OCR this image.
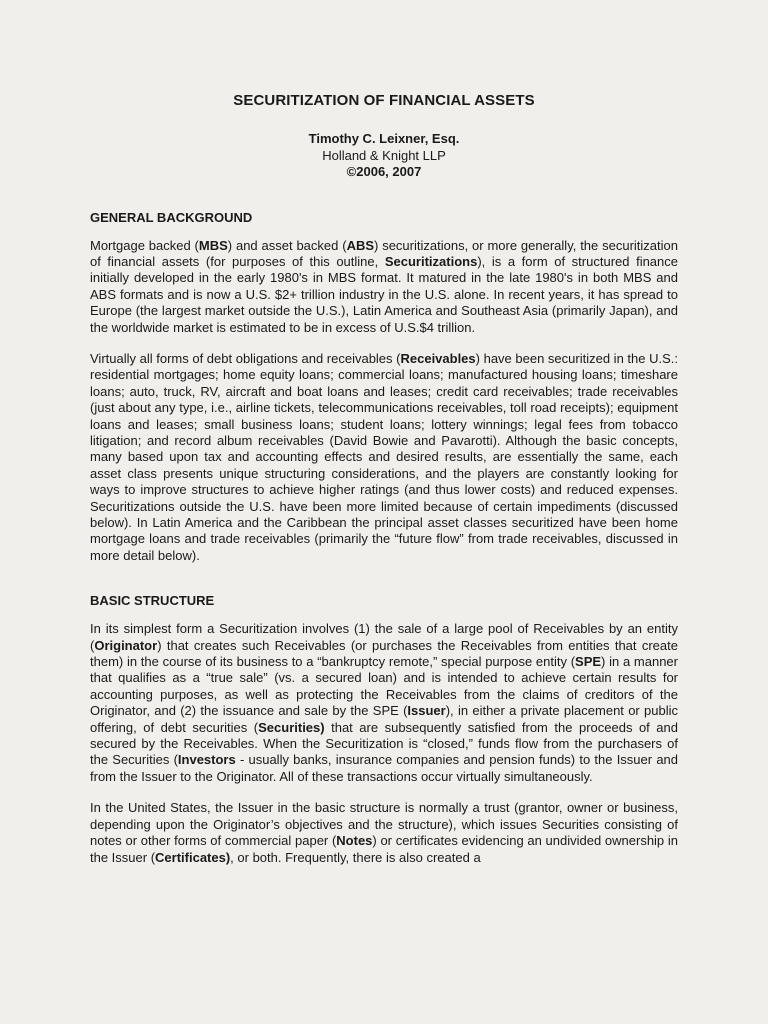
SECURITIZATION OF FINANCIAL ASSETS
Timothy C. Leixner, Esq.
Holland & Knight LLP
©2006, 2007
GENERAL BACKGROUND

Mortgage backed (MBS) and asset backed (ABS) securitizations, or more generally, the securitization of financial assets (for purposes of this outline, Securitizations), is a form of structured finance initially developed in the early 1980's in MBS format. It matured in the late 1980's in both MBS and ABS formats and is now a U.S. $2+ trillion industry in the U.S. alone. In recent years, it has spread to Europe (the largest market outside the U.S.), Latin America and Southeast Asia (primarily Japan), and the worldwide market is estimated to be in excess of U.S.$4 trillion.

Virtually all forms of debt obligations and receivables (Receivables) have been securitized in the U.S.: residential mortgages; home equity loans; commercial loans; manufactured housing loans; timeshare loans; auto, truck, RV, aircraft and boat loans and leases; credit card receivables; trade receivables (just about any type, i.e., airline tickets, telecommunications receivables, toll road receipts); equipment loans and leases; small business loans; student loans; lottery winnings; legal fees from tobacco litigation; and record album receivables (David Bowie and Pavarotti). Although the basic concepts, many based upon tax and accounting effects and desired results, are essentially the same, each asset class presents unique structuring considerations, and the players are constantly looking for ways to improve structures to achieve higher ratings (and thus lower costs) and reduced expenses. Securitizations outside the U.S. have been more limited because of certain impediments (discussed below). In Latin America and the Caribbean the principal asset classes securitized have been home mortgage loans and trade receivables (primarily the “future flow” from trade receivables, discussed in more detail below).

BASIC STRUCTURE

In its simplest form a Securitization involves (1) the sale of a large pool of Receivables by an entity (Originator) that creates such Receivables (or purchases the Receivables from entities that create them) in the course of its business to a “bankruptcy remote,” special purpose entity (SPE) in a manner that qualifies as a “true sale” (vs. a secured loan) and is intended to achieve certain results for accounting purposes, as well as protecting the Receivables from the claims of creditors of the Originator, and (2) the issuance and sale by the SPE (Issuer), in either a private placement or public offering, of debt securities (Securities) that are subsequently satisfied from the proceeds of and secured by the Receivables. When the Securitization is “closed,” funds flow from the purchasers of the Securities (Investors - usually banks, insurance companies and pension funds) to the Issuer and from the Issuer to the Originator. All of these transactions occur virtually simultaneously.

In the United States, the Issuer in the basic structure is normally a trust (grantor, owner or business, depending upon the Originator’s objectives and the structure), which issues Securities consisting of notes or other forms of commercial paper (Notes) or certificates evidencing an undivided ownership in the Issuer (Certificates), or both. Frequently, there is also created a
